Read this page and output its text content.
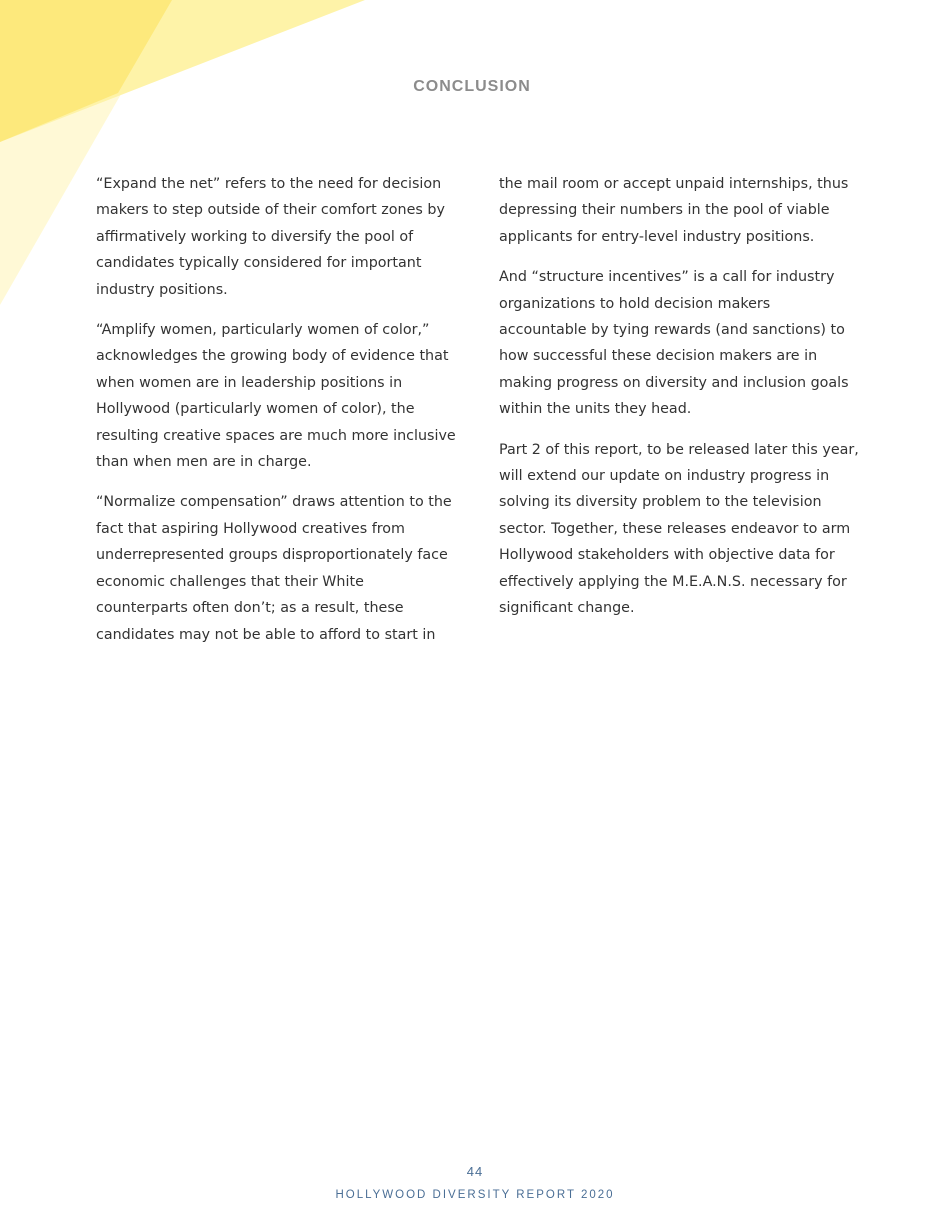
CONCLUSION

“Expand the net” refers to the need for decision makers to step outside of their comfort zones by affirmatively working to diversify the pool of candidates typically considered for important industry positions.

“Amplify women, particularly women of color,” acknowledges the growing body of evidence that when women are in leadership positions in Hollywood (particularly women of color), the resulting creative spaces are much more inclusive than when men are in charge.

“Normalize compensation” draws attention to the fact that aspiring Hollywood creatives from underrepresented groups disproportionately face economic challenges that their White counterparts often don’t; as a result, these candidates may not be able to afford to start in

the mail room or accept unpaid internships, thus depressing their numbers in the pool of viable applicants for entry-level industry positions.

And “structure incentives” is a call for industry organizations to hold decision makers accountable by tying rewards (and sanctions) to how successful these decision makers are in making progress on diversity and inclusion goals within the units they head.

Part 2 of this report, to be released later this year, will extend our update on industry progress in solving its diversity problem to the television sector. Together, these releases endeavor to arm Hollywood stakeholders with objective data for effectively applying the M.E.A.N.S. necessary for significant change.

44
HOLLYWOOD DIVERSITY REPORT 2020
